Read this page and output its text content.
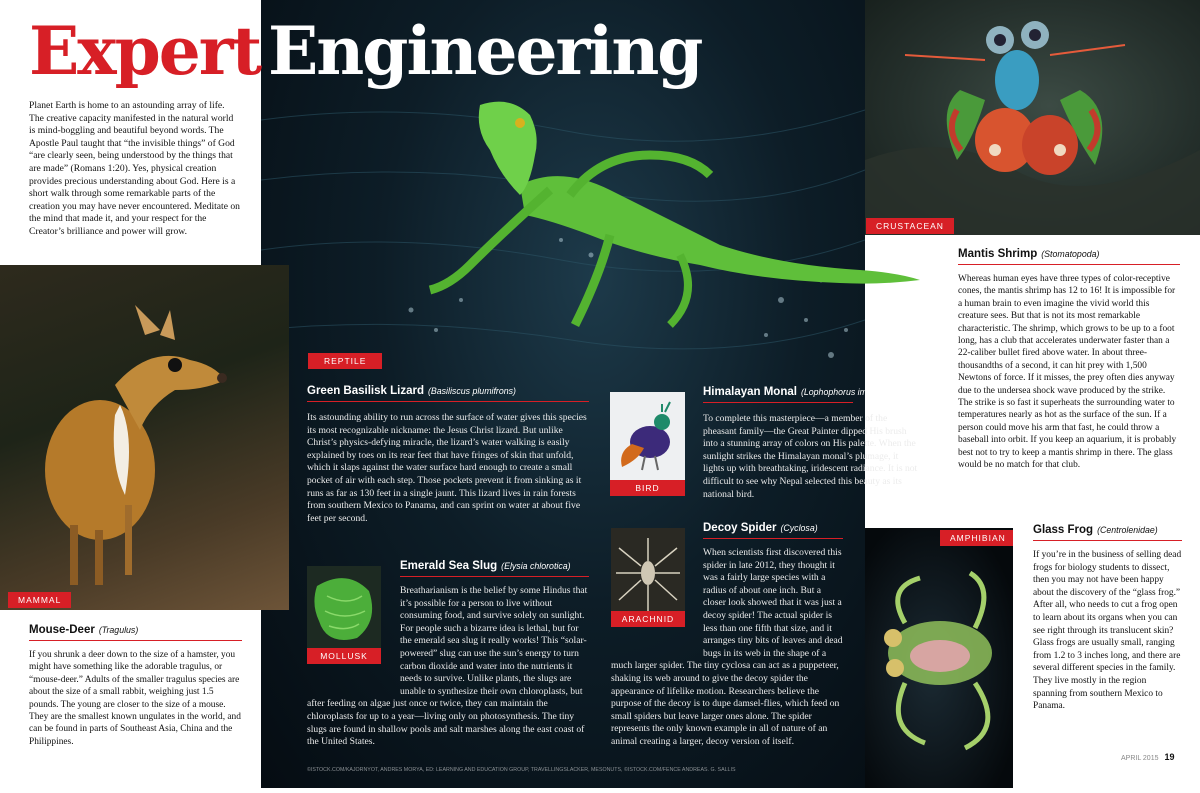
Expert Engineering

Planet Earth is home to an astounding array of life. The creative capacity manifested in the natural world is mind-boggling and beautiful beyond words. The Apostle Paul taught that “the invisible things” of God “are clearly seen, being understood by the things that are made” (Romans 1:20). Yes, physical creation provides precious understanding about God. Here is a short walk through some remarkable parts of the creation you may have never encountered. Meditate on the mind that made it, and your respect for the Creator’s brilliance and power will grow.	CRUSTACEAN
REPTILE
BIRD
MAMMAL
MOLLUSK
ARACHNID
AMPHIBIAN
Green Basilisk Lizard (Basiliscus plumifrons)

Its astounding ability to run across the surface of water gives this species its most recognizable nickname: the Jesus Christ lizard. But unlike Christ’s physics-defying miracle, the lizard’s water walking is easily explained by toes on its rear feet that have fringes of skin that unfold, which it slaps against the water surface hard enough to create a small pocket of air with each step. Those pockets prevent it from sinking as it runs as far as 130 feet in a single jaunt. This lizard lives in rain forests from southern Mexico to Panama, and can sprint on water at about five feet per second.

Himalayan Monal (Lophophorus impejanus)

To complete this masterpiece—a member of the pheasant family—the Great Painter dipped His brush into a stunning array of colors on His palette. When the sunlight strikes the Himalayan monal’s plumage, it lights up with breathtaking, iridescent radiance. It is not difficult to see why Nepal selected this beauty as its national bird.

Mantis Shrimp (Stomatopoda)

Whereas human eyes have three types of color-receptive cones, the mantis shrimp has 12 to 16! It is impossible for a human brain to even imagine the vivid world this creature sees. But that is not its most remarkable characteristic. The shrimp, which grows to be up to a foot long, has a club that accelerates underwater faster than a 22-caliber bullet fired above water. In about three-thousandths of a second, it can hit prey with 1,500 Newtons of force. If it misses, the prey often dies anyway due to the undersea shock wave produced by the strike. The strike is so fast it superheats the surrounding water to temperatures nearly as hot as the surface of the sun. If a person could move his arm that fast, he could throw a baseball into orbit. If you keep an aquarium, it is probably best not to try to keep a mantis shrimp in there. The glass would be no match for that club.

Mouse-Deer (Tragulus)

If you shrunk a deer down to the size of a hamster, you might have something like the adorable tragulus, or “mouse-deer.” Adults of the smaller tragulus species are about the size of a small rabbit, weighing just 1.5 pounds. The young are closer to the size of a mouse. They are the smallest known ungulates in the world, and can be found in parts of Southeast Asia, China and the Philippines.

Emerald Sea Slug (Elysia chlorotica)

Breatharianism is the belief by some Hindus that it’s possible for a person to live without consuming food, and survive solely on sunlight. For people such a bizarre idea is lethal, but for the emerald sea slug it really works! This “solar-powered” slug can use the sun’s energy to turn carbon dioxide and water into the nutrients it needs to survive. Unlike plants, the slugs are unable to synthesize their own chloroplasts, but after feeding on algae just once or twice, they can maintain the chloroplasts for up to a year—living only on photosynthesis. The tiny slugs are found in shallow pools and salt marshes along the east coast of the United States.

Decoy Spider (Cyclosa)

When scientists first discovered this spider in late 2012, they thought it was a fairly large species with a radius of about one inch. But a closer look showed that it was just a decoy spider! The actual spider is less than one fifth that size, and it arranges tiny bits of leaves and dead bugs in its web in the shape of a much larger spider. The tiny cyclosa can act as a puppeteer, shaking its web around to give the decoy spider the appearance of lifelike motion. Researchers believe the purpose of the decoy is to dupe damsel-flies, which feed on small spiders but leave larger ones alone. The spider represents the only known example in all of nature of an animal creating a larger, decoy version of itself.

Glass Frog (Centrolenidae)

If you’re in the business of selling dead frogs for biology students to dissect, then you may not have been happy about the discovery of the “glass frog.” After all, who needs to cut a frog open to learn about its organs when you can see right through its translucent skin? Glass frogs are usually small, ranging from 1.2 to 3 inches long, and there are several different species in the family. They live mostly in the region spanning from southern Mexico to Panama.

©ISTOCK.COM/KAJORNYOT, ANDRES MORYA, ED: LEARNING AND EDUCATION GROUP, TRAVELLINGSLACKER, MESONUTS, ©ISTOCK.COM/FENCE ANDREAS. G. SALLIS
APRIL 2015 19
